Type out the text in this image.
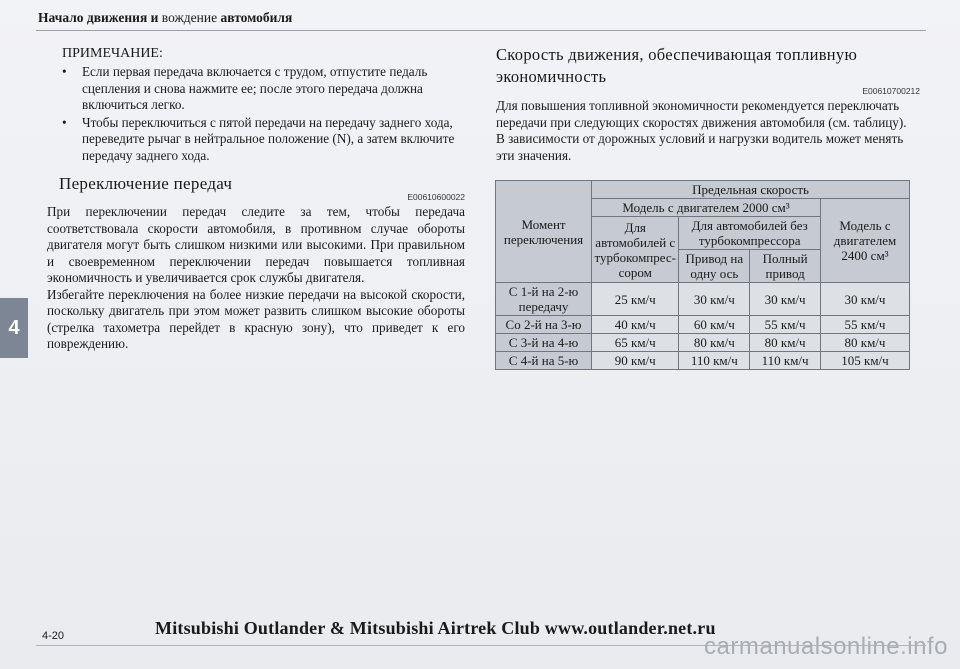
Начало движения и вождение автомобиля
4
ПРИМЕЧАНИЕ:
• Если первая передача включается с трудом, отпустите педаль сцепления и снова нажмите ее; после этого передача должна включиться легко.
• Чтобы переключиться с пятой передачи на передачу заднего хода, переведите рычаг в нейтральное положение (N), а затем включите передачу заднего хода.
Переключение передач
E00610600022

При переключении передач следите за тем, чтобы передача соответствовала скорости автомобиля, в противном случае обороты двигателя могут быть слишком низкими или высокими. При правильном и своевременном переключении передач повышается топливная экономичность и увеличивается срок службы двигателя.

Избегайте переключения на более низкие передачи на высокой скорости, поскольку двигатель при этом может развить слишком высокие обороты (стрелка тахометра перейдет в красную зону), что приведет к его повреждению.

Скорость движения, обеспечивающая топливную
экономичность
E00610700212
Для повышения топливной экономичности рекомендуется переключать передачи при следующих скоростях движения автомобиля (см. таблицу). В зависимости от дорожных условий и нагрузки водитель может менять эти значения.
Момент переключения	Предельная скорость			
	Модель с двигателем 2000 см³			Модель с двигателем 2400 см³
	Для автомобилей с турбокомпрес- сором	Для автомобилей без турбокомпрессора		
		Привод на одну ось	Полный привод	
С 1-й на 2-ю передачу	25 км/ч	30 км/ч	30 км/ч	30 км/ч
Со 2-й на 3-ю	40 км/ч	60 км/ч	55 км/ч	55 км/ч
С 3-й на 4-ю	65 км/ч	80 км/ч	80 км/ч	80 км/ч
С 4-й на 5-ю	90 км/ч	110 км/ч	110 км/ч	105 км/ч
Mitsubishi Outlander & Mitsubishi Airtrek Club www.outlander.net.ru
4-20	carmanualsonline.info
